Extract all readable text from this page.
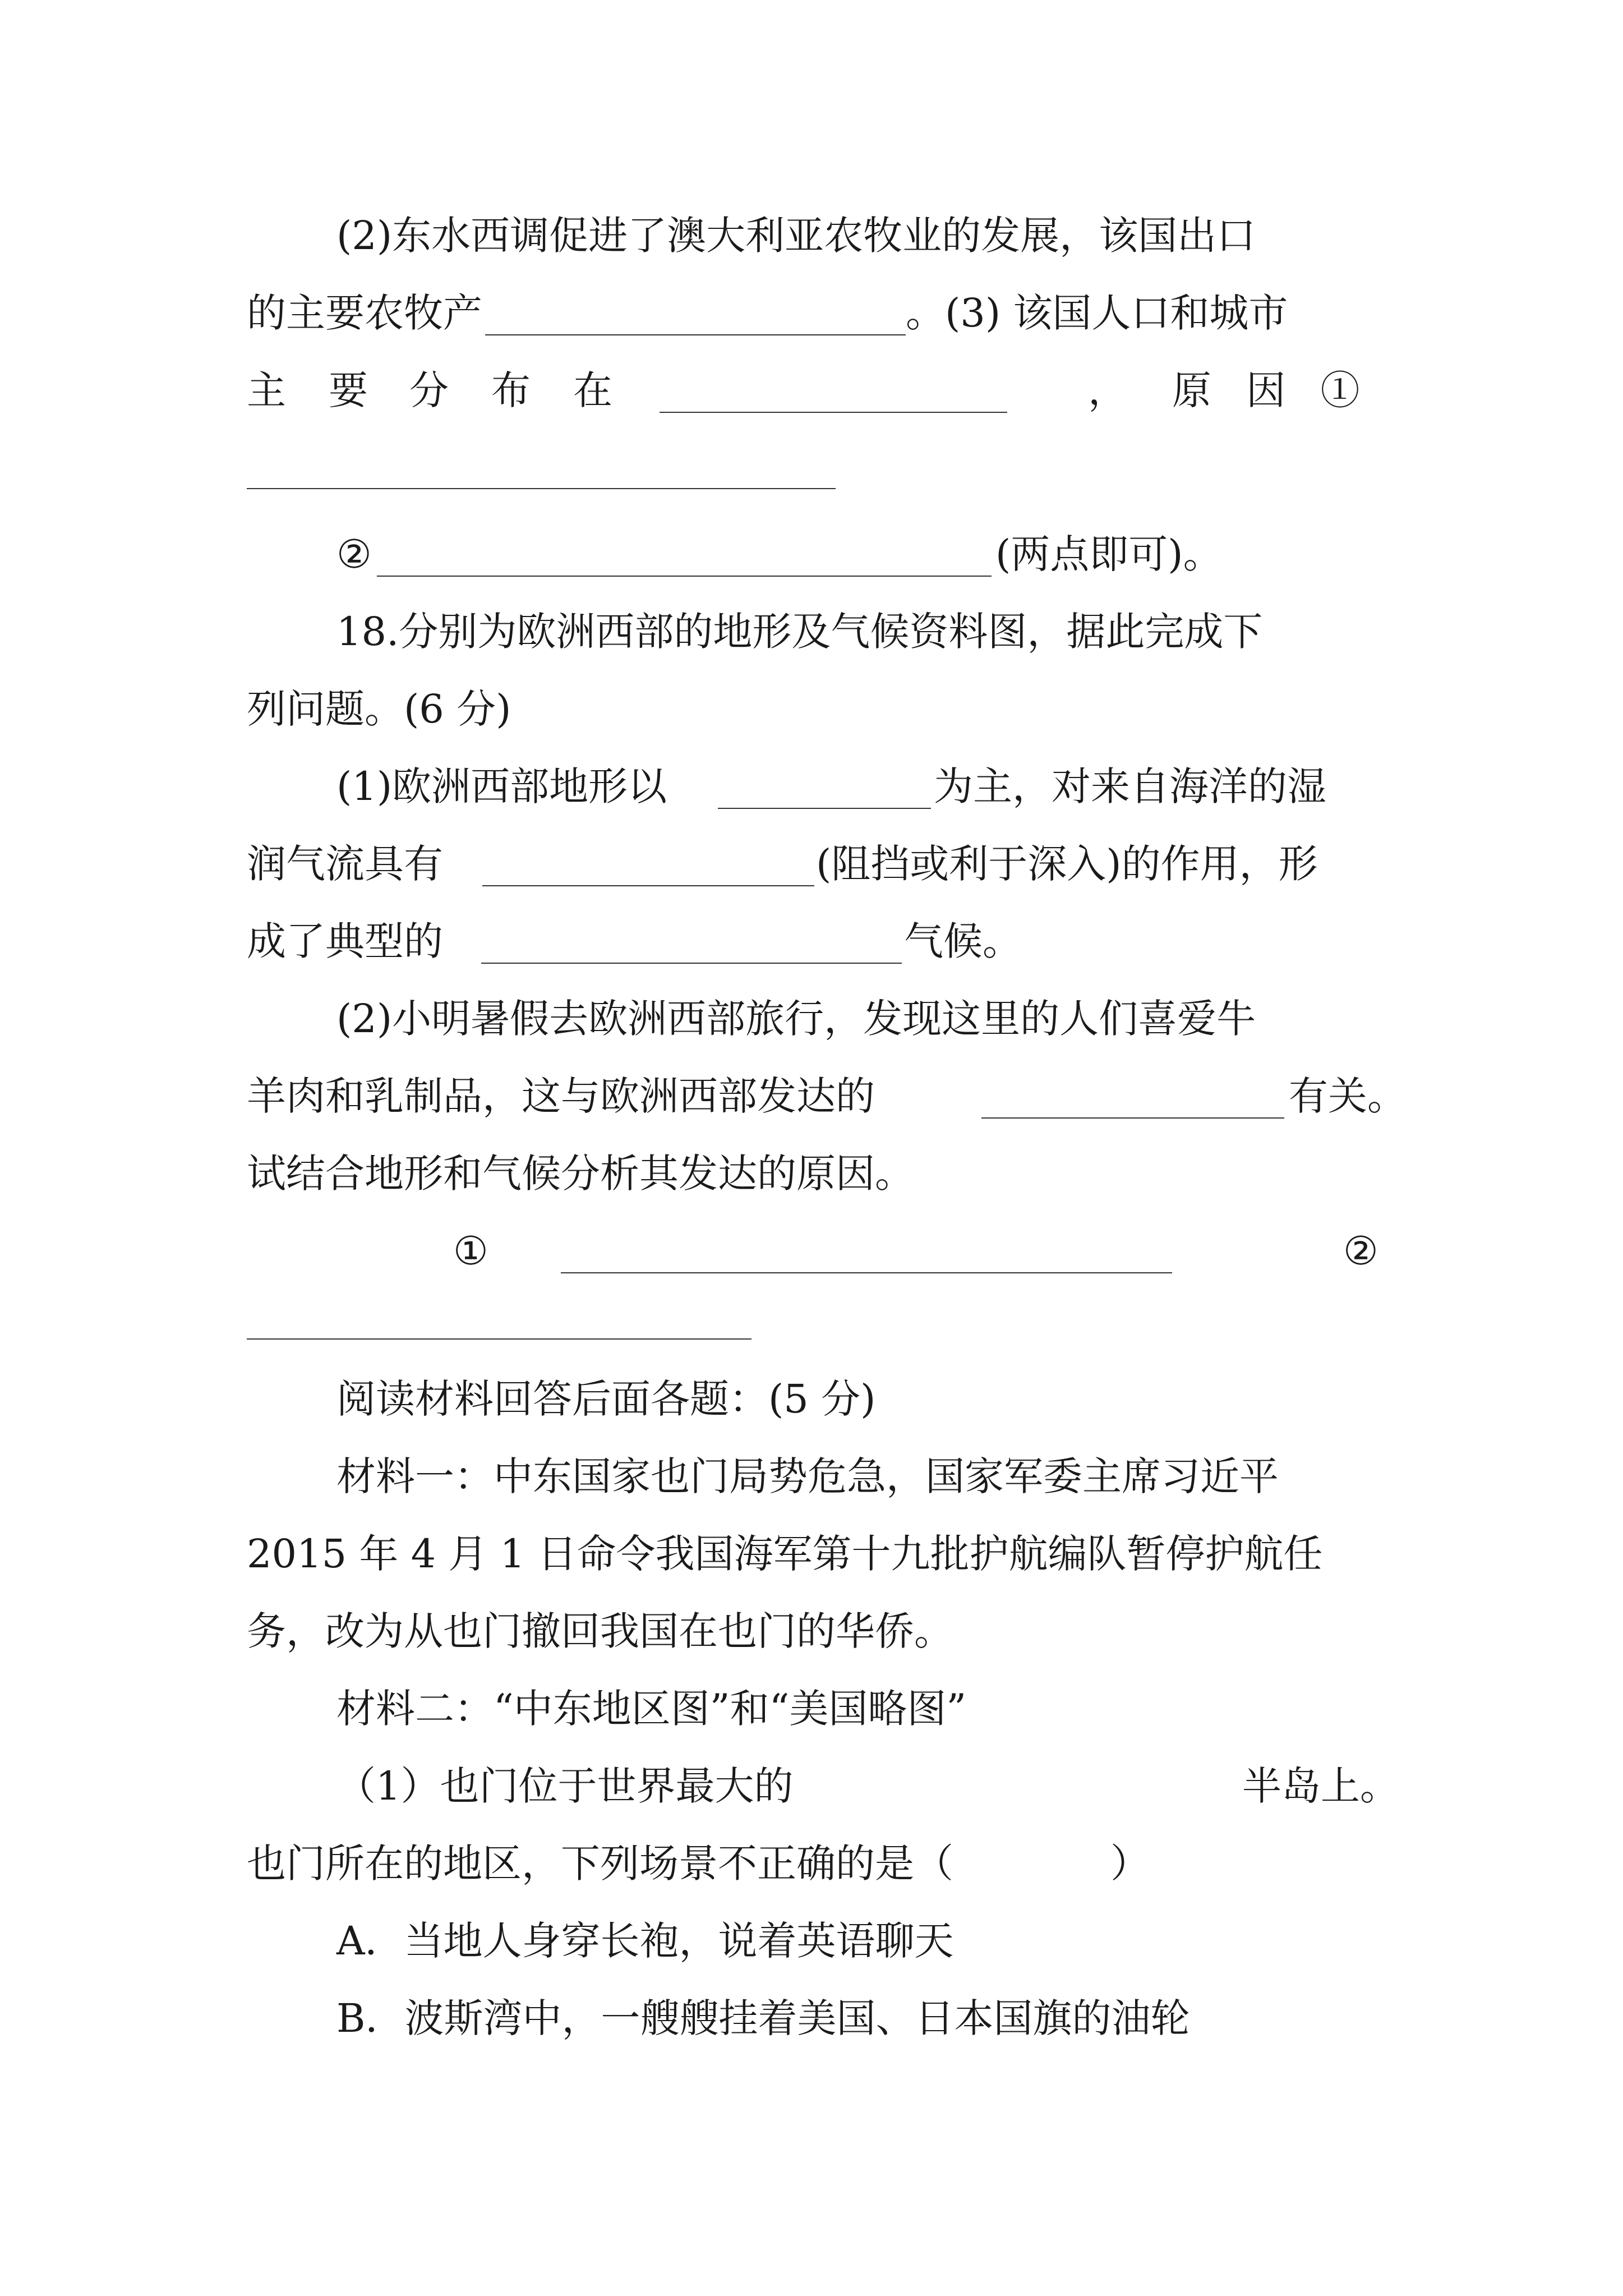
(2)东水西调促进了澳大利亚农牧业的发展，该国出口
的主要农牧产	。(3) 该国人口和城市
主 要 分 布 在	， 原 因 ①
②	(两点即可)。
18.分别为欧洲西部的地形及气候资料图，据此完成下
列问题。(6 分)
(1)欧洲西部地形以	为主，对来自海洋的湿
润气流具有	(阻挡或利于深入)的作用，形
成了典型的	气候。
(2)小明暑假去欧洲西部旅行，发现这里的人们喜爱牛
羊肉和乳制品，这与欧洲西部发达的	有关。
试结合地形和气候分析其发达的原因。
①	②
阅读材料回答后面各题：(5 分)
材料一：中东国家也门局势危急，国家军委主席习近平
2015 年 4 月 1 日命令我国海军第十九批护航编队暂停护航任
务，改为从也门撤回我国在也门的华侨。
材料二：“中东地区图”和“美国略图”
（1）也门位于世界最大的	半岛上。
也门所在的地区，下列场景不正确的是（　　　　）
A．当地人身穿长袍，说着英语聊天
B．波斯湾中，一艘艘挂着美国、日本国旗的油轮
